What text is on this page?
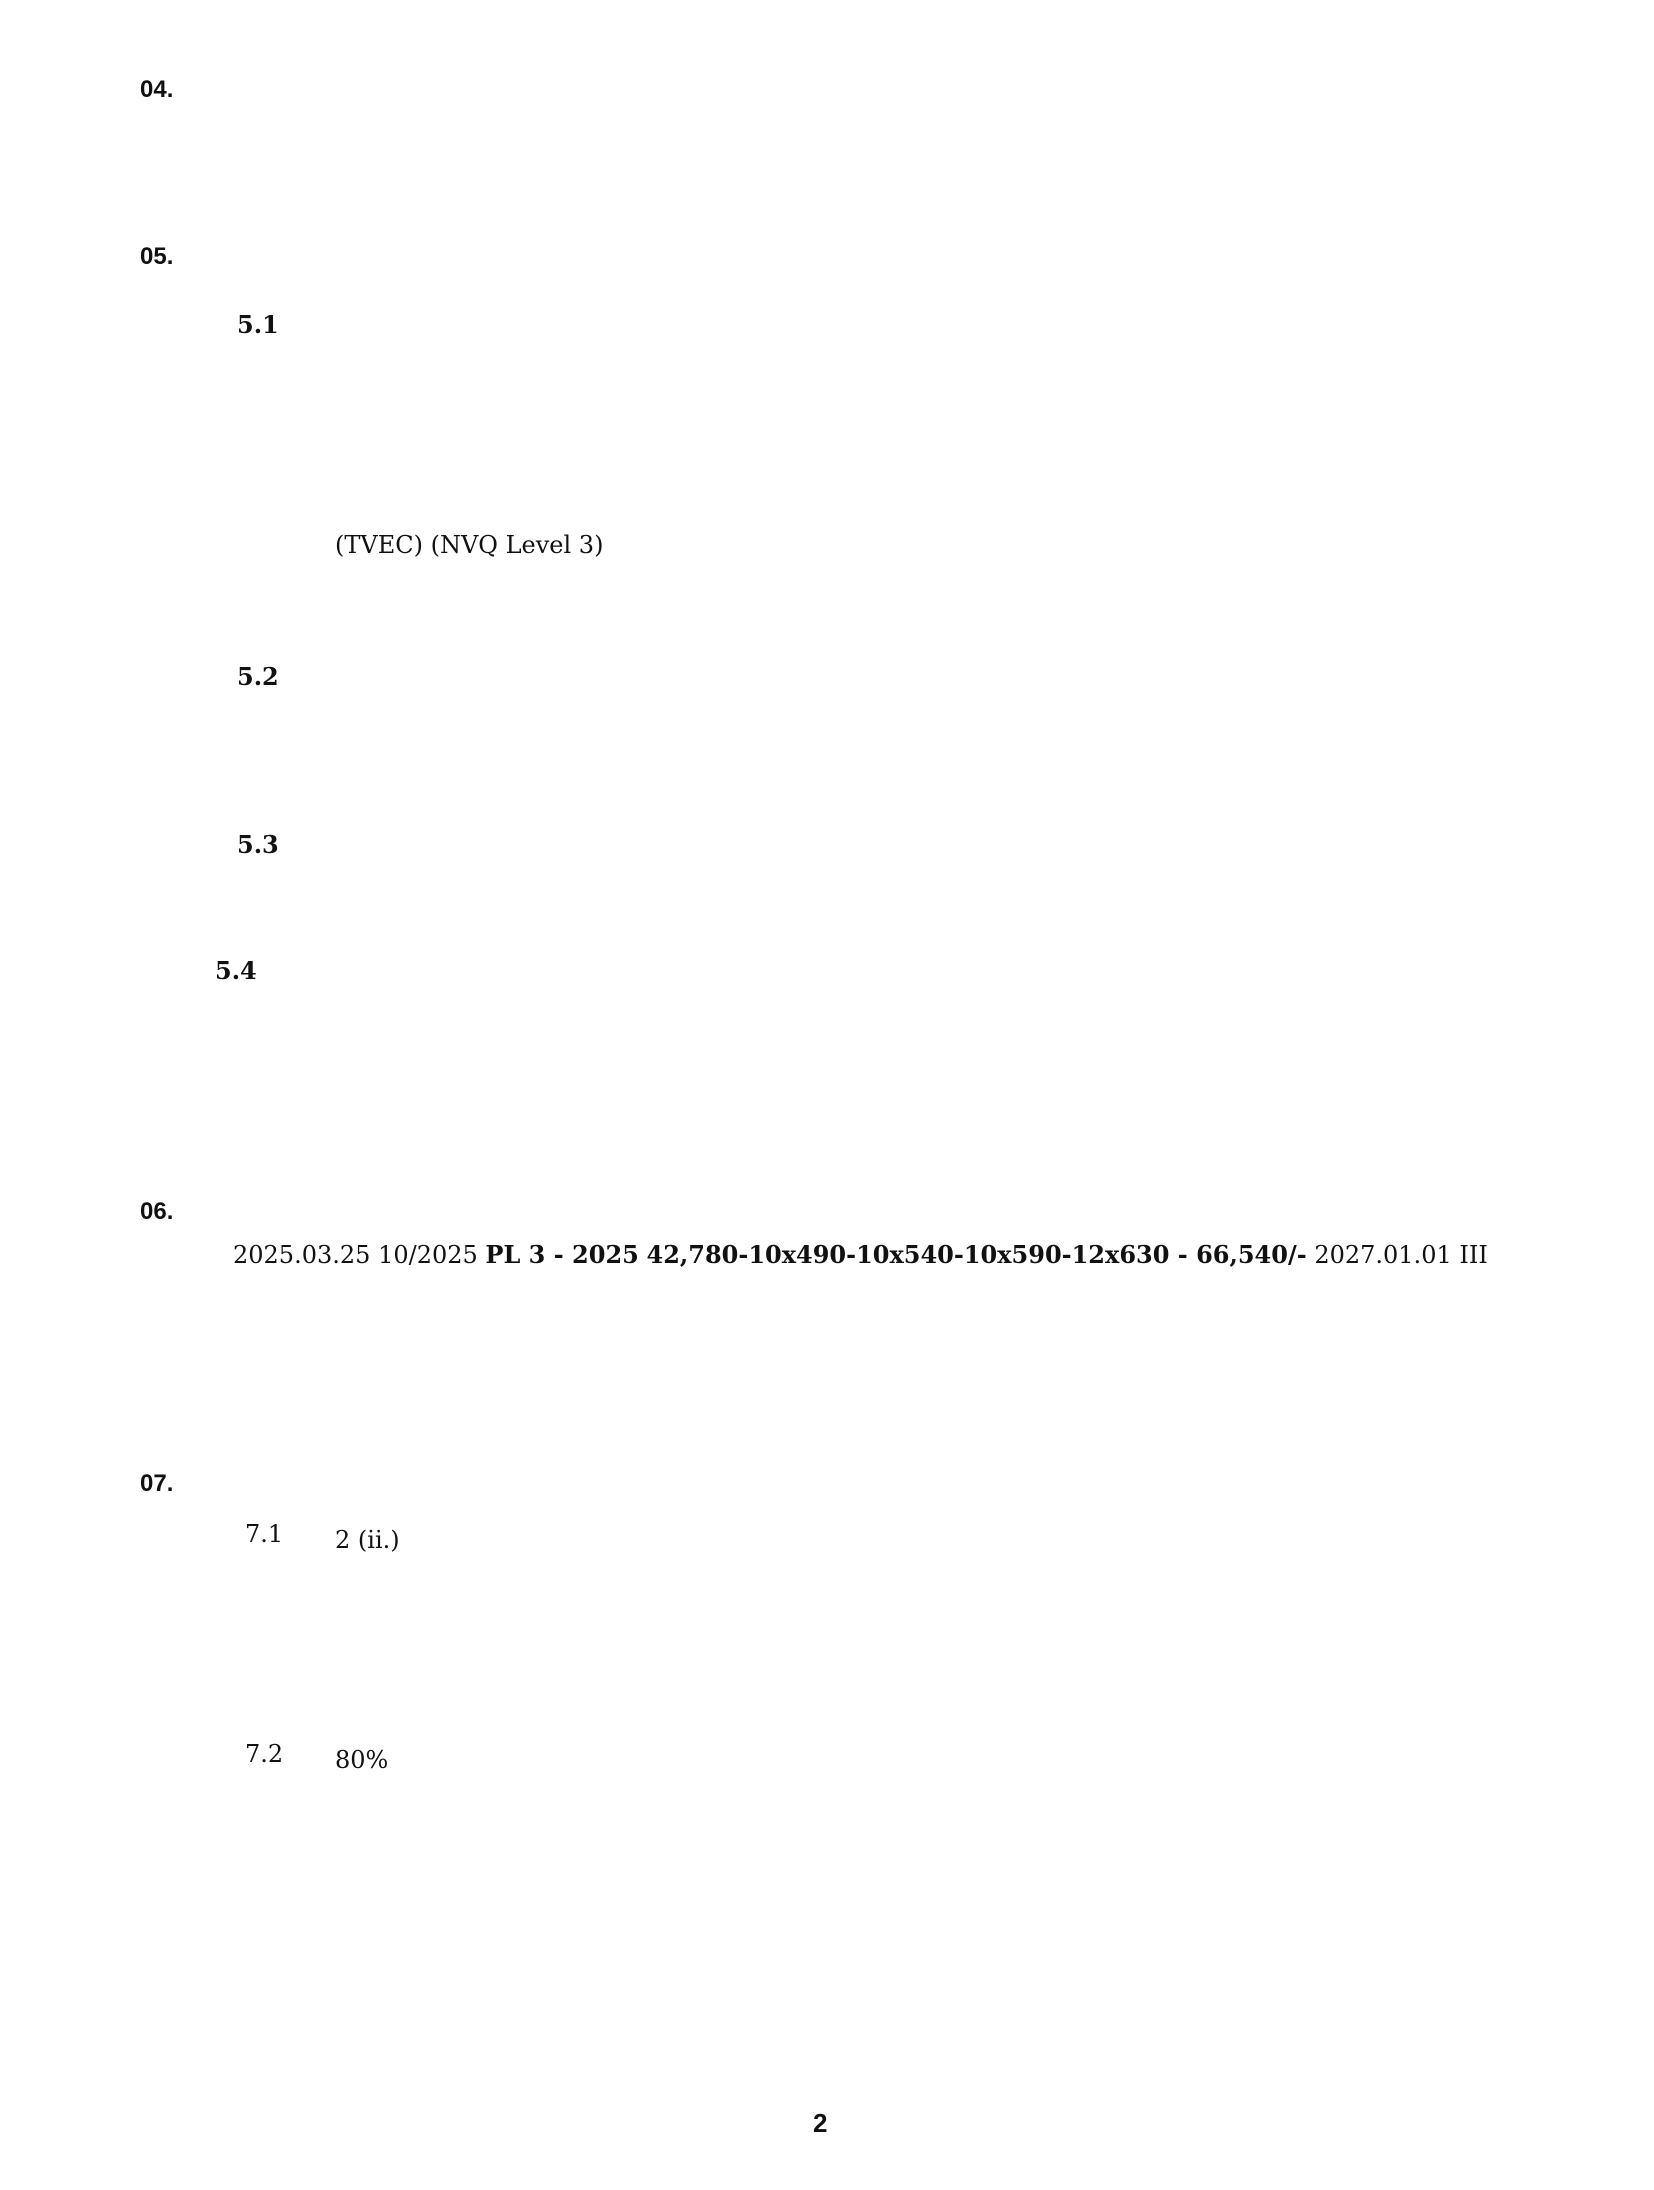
04.
05.
5.1
(TVEC) (NVQ Level 3)
5.2
5.3
5.4
06.
2025.03.25 10/2025 PL 3 - 2025 42,780-10x490-10x540-10x590-12x630 - 66,540/- 2027.01.01 III
07.
7.1 2 (ii.)
7.2 80%
2
